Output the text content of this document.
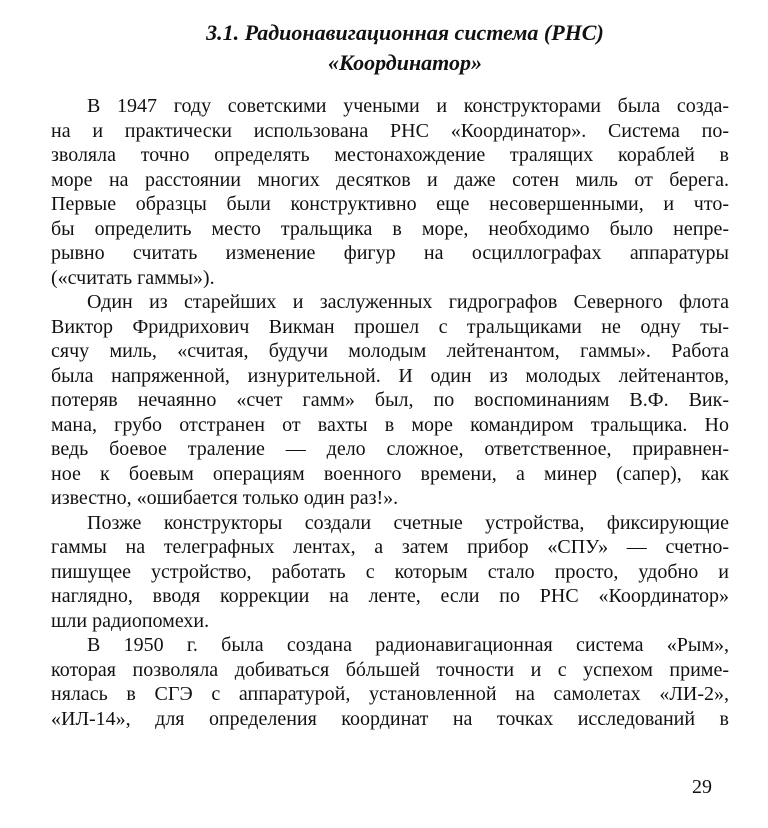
3.1. Радионавигационная система (РНС)
«Координатор»
В 1947 году советскими учеными и конструкторами была созда-
на и практически использована РНС «Координатор». Система по-
зволяла точно определять местонахождение тралящих кораблей в
море на расстоянии многих десятков и даже сотен миль от берега.
Первые образцы были конструктивно еще несовершенными, и что-
бы определить место тральщика в море, необходимо было непре-
рывно считать изменение фигур на осциллографах аппаратуры
(«считать гаммы»).
Один из старейших и заслуженных гидрографов Северного флота
Виктор Фридрихович Викман прошел с тральщиками не одну ты-
сячу миль, «считая, будучи молодым лейтенантом, гаммы». Работа
была напряженной, изнурительной. И один из молодых лейтенантов,
потеряв нечаянно «счет гамм» был, по воспоминаниям В.Ф. Вик-
мана, грубо отстранен от вахты в море командиром тральщика. Но
ведь боевое траление — дело сложное, ответственное, приравнен-
ное к боевым операциям военного времени, а минер (сапер), как
известно, «ошибается только один раз!».
Позже конструкторы создали счетные устройства, фиксирующие
гаммы на телеграфных лентах, а затем прибор «СПУ» — счетно-
пишущее устройство, работать с которым стало просто, удобно и
наглядно, вводя коррекции на ленте, если по РНС «Координатор»
шли радиопомехи.
В 1950 г. была создана радионавигационная система «Рым»,
которая позволяла добиваться бóльшей точности и с успехом приме-
нялась в СГЭ с аппаратурой, установленной на самолетах «ЛИ-2»,
«ИЛ-14», для определения координат на точках исследований в
29
